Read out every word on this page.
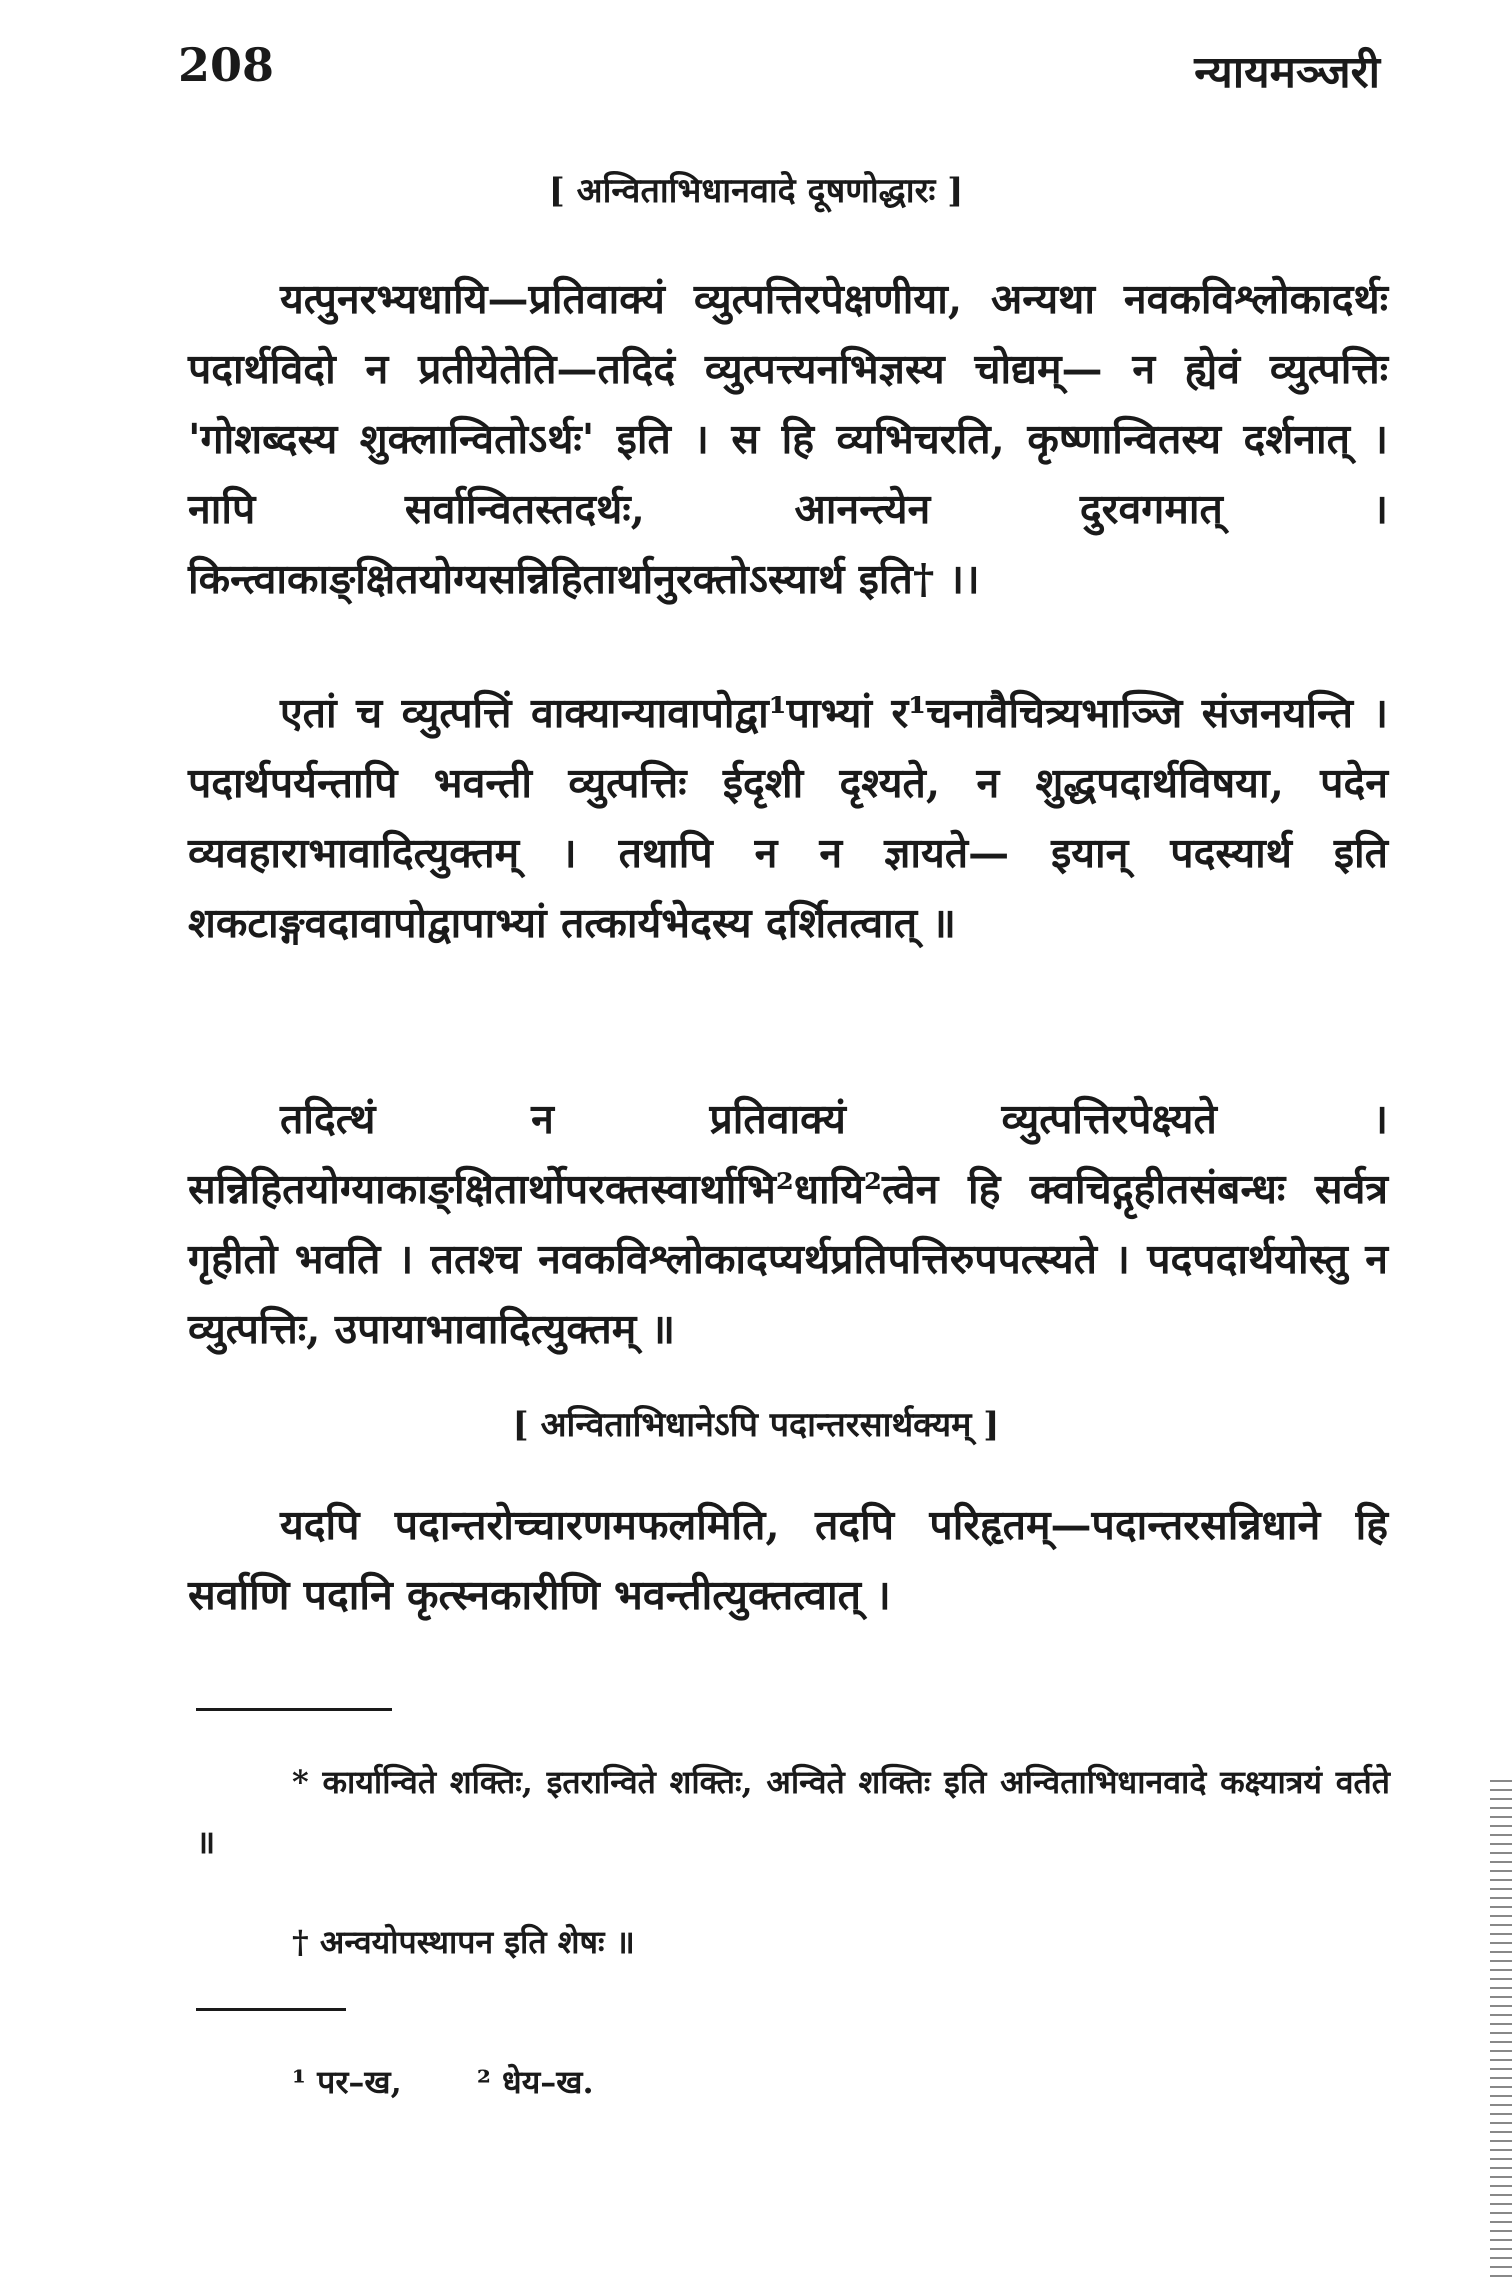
208	न्यायमञ्जरी
[ अन्विताभिधानवादे दूषणोद्धारः ]
यत्पुनरभ्यधायि—प्रतिवाक्यं व्युत्पत्तिरपेक्षणीया, अन्यथा नवकविश्लोकादर्थः पदार्थविदो न प्रतीयेतेति—तदिदं व्युत्पत्त्यनभिज्ञस्य चोद्यम्— न ह्येवं व्युत्पत्तिः 'गोशब्दस्य शुक्लान्वितोऽर्थः' इति । स हि व्यभिचरति, कृष्णान्वितस्य दर्शनात् । नापि सर्वान्वितस्तदर्थः, आनन्त्येन दुरवगमात् । किन्त्वाकाङ्क्षितयोग्यसन्निहितार्थानुरक्तोऽस्यार्थ इति† ।।
एतां च व्युत्पत्तिं वाक्यान्यावापोद्वा¹पाभ्यां र¹चनावैचित्र्यभाञ्जि संजनयन्ति । पदार्थपर्यन्तापि भवन्ती व्युत्पत्तिः ईदृशी दृश्यते, न शुद्धपदार्थविषया, पदेन व्यवहाराभावादित्युक्तम् । तथापि न न ज्ञायते— इयान् पदस्यार्थ इति शकटाङ्गवदावापोद्वापाभ्यां तत्कार्यभेदस्य दर्शितत्वात् ॥
तदित्थं न प्रतिवाक्यं व्युत्पत्तिरपेक्ष्यते । सन्निहितयोग्याकाङ्क्षितार्थोपरक्तस्वार्थाभि²धायि²त्वेन हि क्वचिद्गृहीतसंबन्धः सर्वत्र गृहीतो भवति । ततश्च नवकविश्लोकादप्यर्थप्रतिपत्तिरुपपत्स्यते । पदपदार्थयोस्तु न व्युत्पत्तिः, उपायाभावादित्युक्तम् ॥
[ अन्विताभिधानेऽपि पदान्तरसार्थक्यम् ]
यदपि पदान्तरोच्चारणमफलमिति, तदपि परिहृतम्—पदान्तरसन्निधाने हि सर्वाणि पदानि कृत्स्नकारीणि भवन्तीत्युक्तत्वात् ।
* कार्यान्विते शक्तिः, इतरान्विते शक्तिः, अन्विते शक्तिः इति अन्विताभिधानवादे कक्ष्यात्रयं वर्तते ॥
† अन्वयोपस्थापन इति शेषः ॥
¹ पर–ख, ² धेय–ख.
